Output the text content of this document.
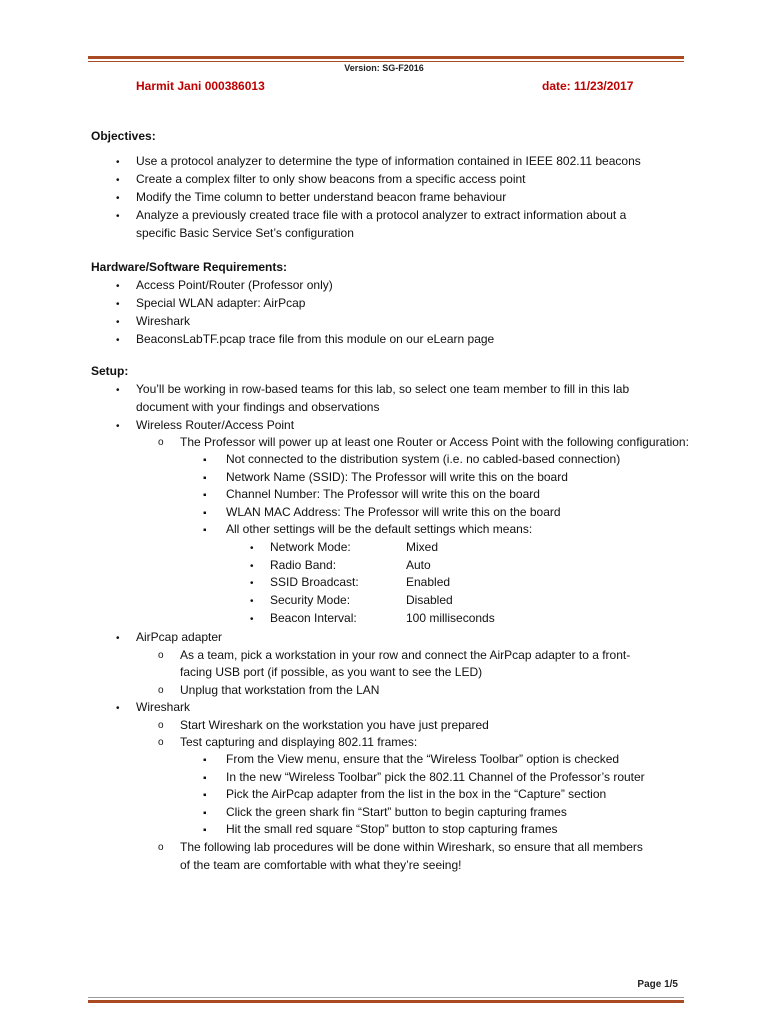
Version: SG-F2016
Harmit Jani 000386013	date: 11/23/2017
Objectives:
• Use a protocol analyzer to determine the type of information contained in IEEE 802.11 beacons
• Create a complex filter to only show beacons from a specific access point
• Modify the Time column to better understand beacon frame behaviour
• Analyze a previously created trace file with a protocol analyzer to extract information about a
specific Basic Service Set’s configuration
Hardware/Software Requirements:
• Access Point/Router (Professor only)
• Special WLAN adapter: AirPcap
• Wireshark
• BeaconsLabTF.pcap trace file from this module on our eLearn page
Setup:
• You’ll be working in row-based teams for this lab, so select one team member to fill in this lab
document with your findings and observations
• Wireless Router/Access Point
o The Professor will power up at least one Router or Access Point with the following configuration:
▪ Not connected to the distribution system (i.e. no cabled-based connection)
▪ Network Name (SSID): The Professor will write this on the board
▪ Channel Number: The Professor will write this on the board
▪ WLAN MAC Address: The Professor will write this on the board
▪ All other settings will be the default settings which means:
• Network Mode:	Mixed
• Radio Band:	Auto
• SSID Broadcast:	Enabled
• Security Mode:	Disabled
• Beacon Interval:	100 milliseconds
• AirPcap adapter
o As a team, pick a workstation in your row and connect the AirPcap adapter to a front-
facing USB port (if possible, as you want to see the LED)
o Unplug that workstation from the LAN
• Wireshark
o Start Wireshark on the workstation you have just prepared
o Test capturing and displaying 802.11 frames:
▪ From the View menu, ensure that the “Wireless Toolbar” option is checked
▪ In the new “Wireless Toolbar” pick the 802.11 Channel of the Professor’s router
▪ Pick the AirPcap adapter from the list in the box in the “Capture” section
▪ Click the green shark fin “Start” button to begin capturing frames
▪ Hit the small red square “Stop” button to stop capturing frames
o The following lab procedures will be done within Wireshark, so ensure that all members
of the team are comfortable with what they’re seeing!
Page 1/5
